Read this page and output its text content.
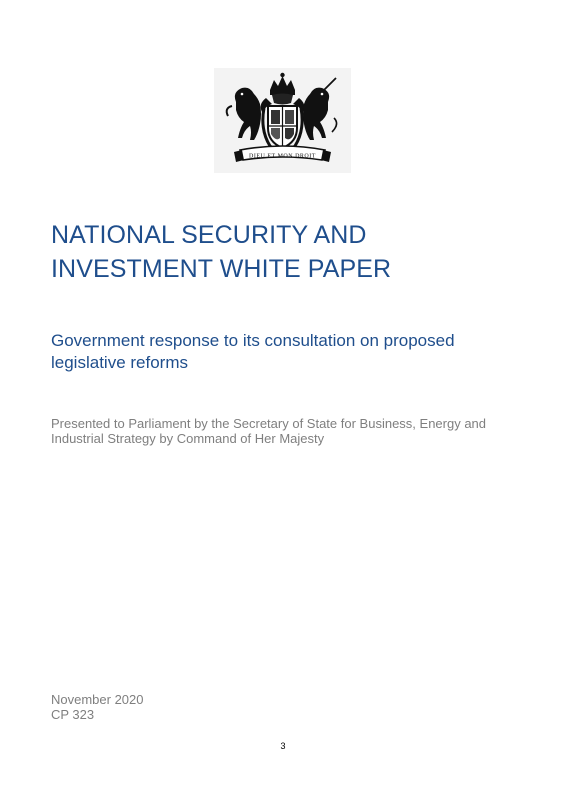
DIEU ET MON DROIT
NATIONAL SECURITY AND
INVESTMENT WHITE PAPER

Government response to its consultation on proposed legislative reforms

Presented to Parliament by the Secretary of State for Business, Energy and Industrial Strategy by Command of Her Majesty

November 2020
CP 323
3
